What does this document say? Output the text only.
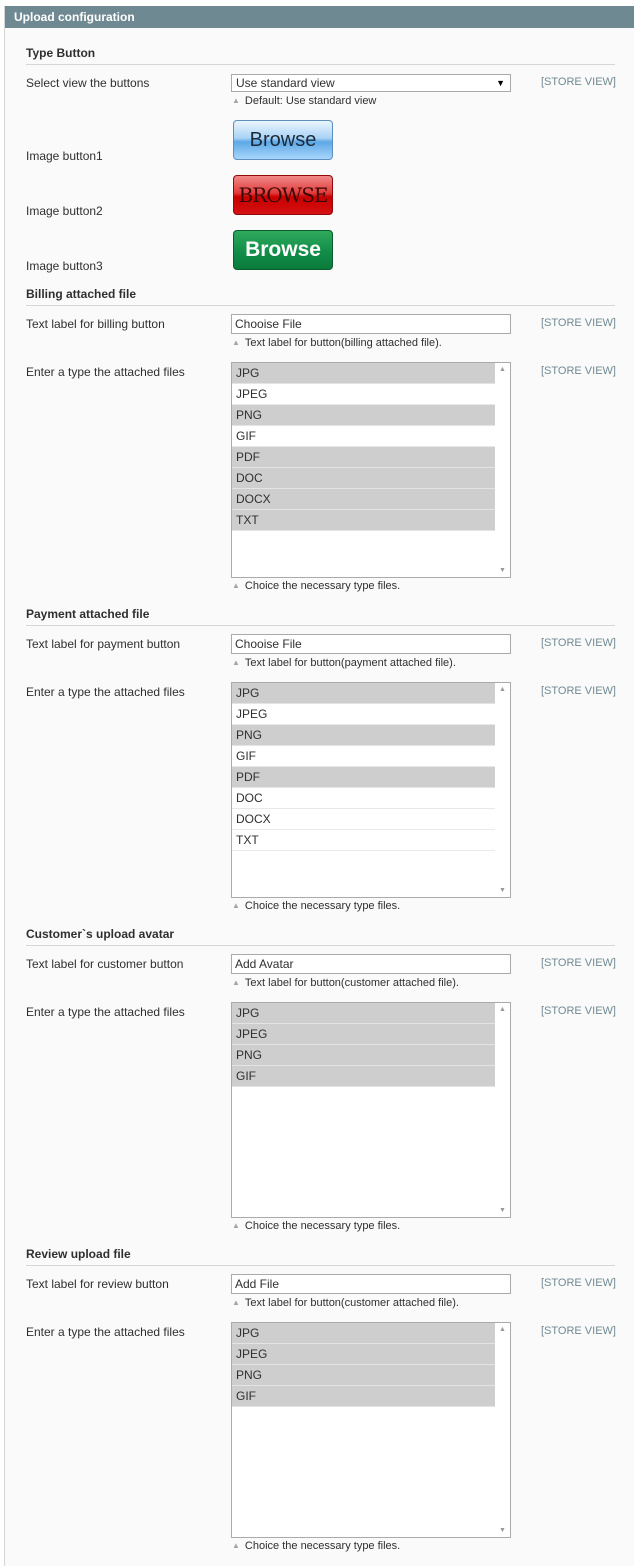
Upload configuration
Type Button
Select view the buttons	Use standard view	▼	[STORE VIEW]
▲ Default: Use standard view
Image button1
Browse
Image button2
BROWSE
Image button3
Browse
Billing attached file
Text label for billing button
Chooise File	[STORE VIEW]
▲ Text label for button(billing attached file).
Enter a type the attached files	JPG
JPEG
PNG
GIF
PDF
DOC
DOCX
TXT
▲
▼
[STORE VIEW]
▲ Choice the necessary type files.
Payment attached file
Text label for payment button
Chooise File	[STORE VIEW]
▲ Text label for button(payment attached file).
Enter a type the attached files	JPG
JPEG
PNG
GIF
PDF
DOC
DOCX
TXT
▲
▼
[STORE VIEW]
▲ Choice the necessary type files.
Customer`s upload avatar
Text label for customer button
Add Avatar	[STORE VIEW]
▲ Text label for button(customer attached file).
Enter a type the attached files	JPG
JPEG
PNG
GIF
▲
▼
[STORE VIEW]
▲ Choice the necessary type files.
Review upload file
Text label for review button
Add File	[STORE VIEW]
▲ Text label for button(customer attached file).
Enter a type the attached files	JPG
JPEG
PNG
GIF
▲
▼
[STORE VIEW]
▲ Choice the necessary type files.
